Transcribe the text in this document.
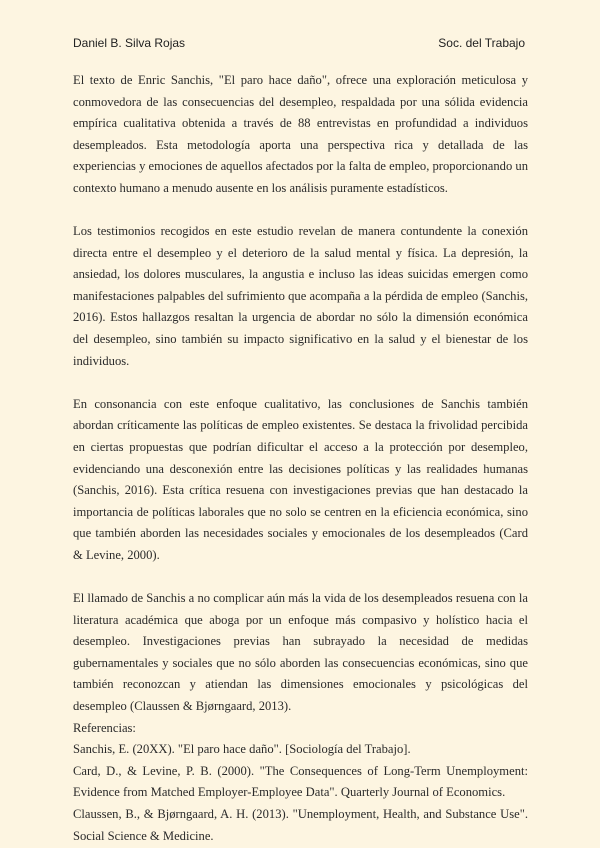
Daniel B. Silva Rojas	Soc. del Trabajo

El texto de Enric Sanchis, "El paro hace daño", ofrece una exploración meticulosa y conmovedora de las consecuencias del desempleo, respaldada por una sólida evidencia empírica cualitativa obtenida a través de 88 entrevistas en profundidad a individuos desempleados. Esta metodología aporta una perspectiva rica y detallada de las experiencias y emociones de aquellos afectados por la falta de empleo, proporcionando un contexto humano a menudo ausente en los análisis puramente estadísticos.

Los testimonios recogidos en este estudio revelan de manera contundente la conexión directa entre el desempleo y el deterioro de la salud mental y física. La depresión, la ansiedad, los dolores musculares, la angustia e incluso las ideas suicidas emergen como manifestaciones palpables del sufrimiento que acompaña a la pérdida de empleo (Sanchis, 2016). Estos hallazgos resaltan la urgencia de abordar no sólo la dimensión económica del desempleo, sino también su impacto significativo en la salud y el bienestar de los individuos.

En consonancia con este enfoque cualitativo, las conclusiones de Sanchis también abordan críticamente las políticas de empleo existentes. Se destaca la frivolidad percibida en ciertas propuestas que podrían dificultar el acceso a la protección por desempleo, evidenciando una desconexión entre las decisiones políticas y las realidades humanas (Sanchis, 2016). Esta crítica resuena con investigaciones previas que han destacado la importancia de políticas laborales que no solo se centren en la eficiencia económica, sino que también aborden las necesidades sociales y emocionales de los desempleados (Card & Levine, 2000).

El llamado de Sanchis a no complicar aún más la vida de los desempleados resuena con la literatura académica que aboga por un enfoque más compasivo y holístico hacia el desempleo. Investigaciones previas han subrayado la necesidad de medidas gubernamentales y sociales que no sólo aborden las consecuencias económicas, sino que también reconozcan y atiendan las dimensiones emocionales y psicológicas del desempleo (Claussen & Bjørngaard, 2013).

Referencias:
Sanchis, E. (20XX). "El paro hace daño". [Sociología del Trabajo].
Card, D., & Levine, P. B. (2000). "The Consequences of Long-Term Unemployment: Evidence from Matched Employer-Employee Data". Quarterly Journal of Economics.
Claussen, B., & Bjørngaard, A. H. (2013). "Unemployment, Health, and Substance Use". Social Science & Medicine.
